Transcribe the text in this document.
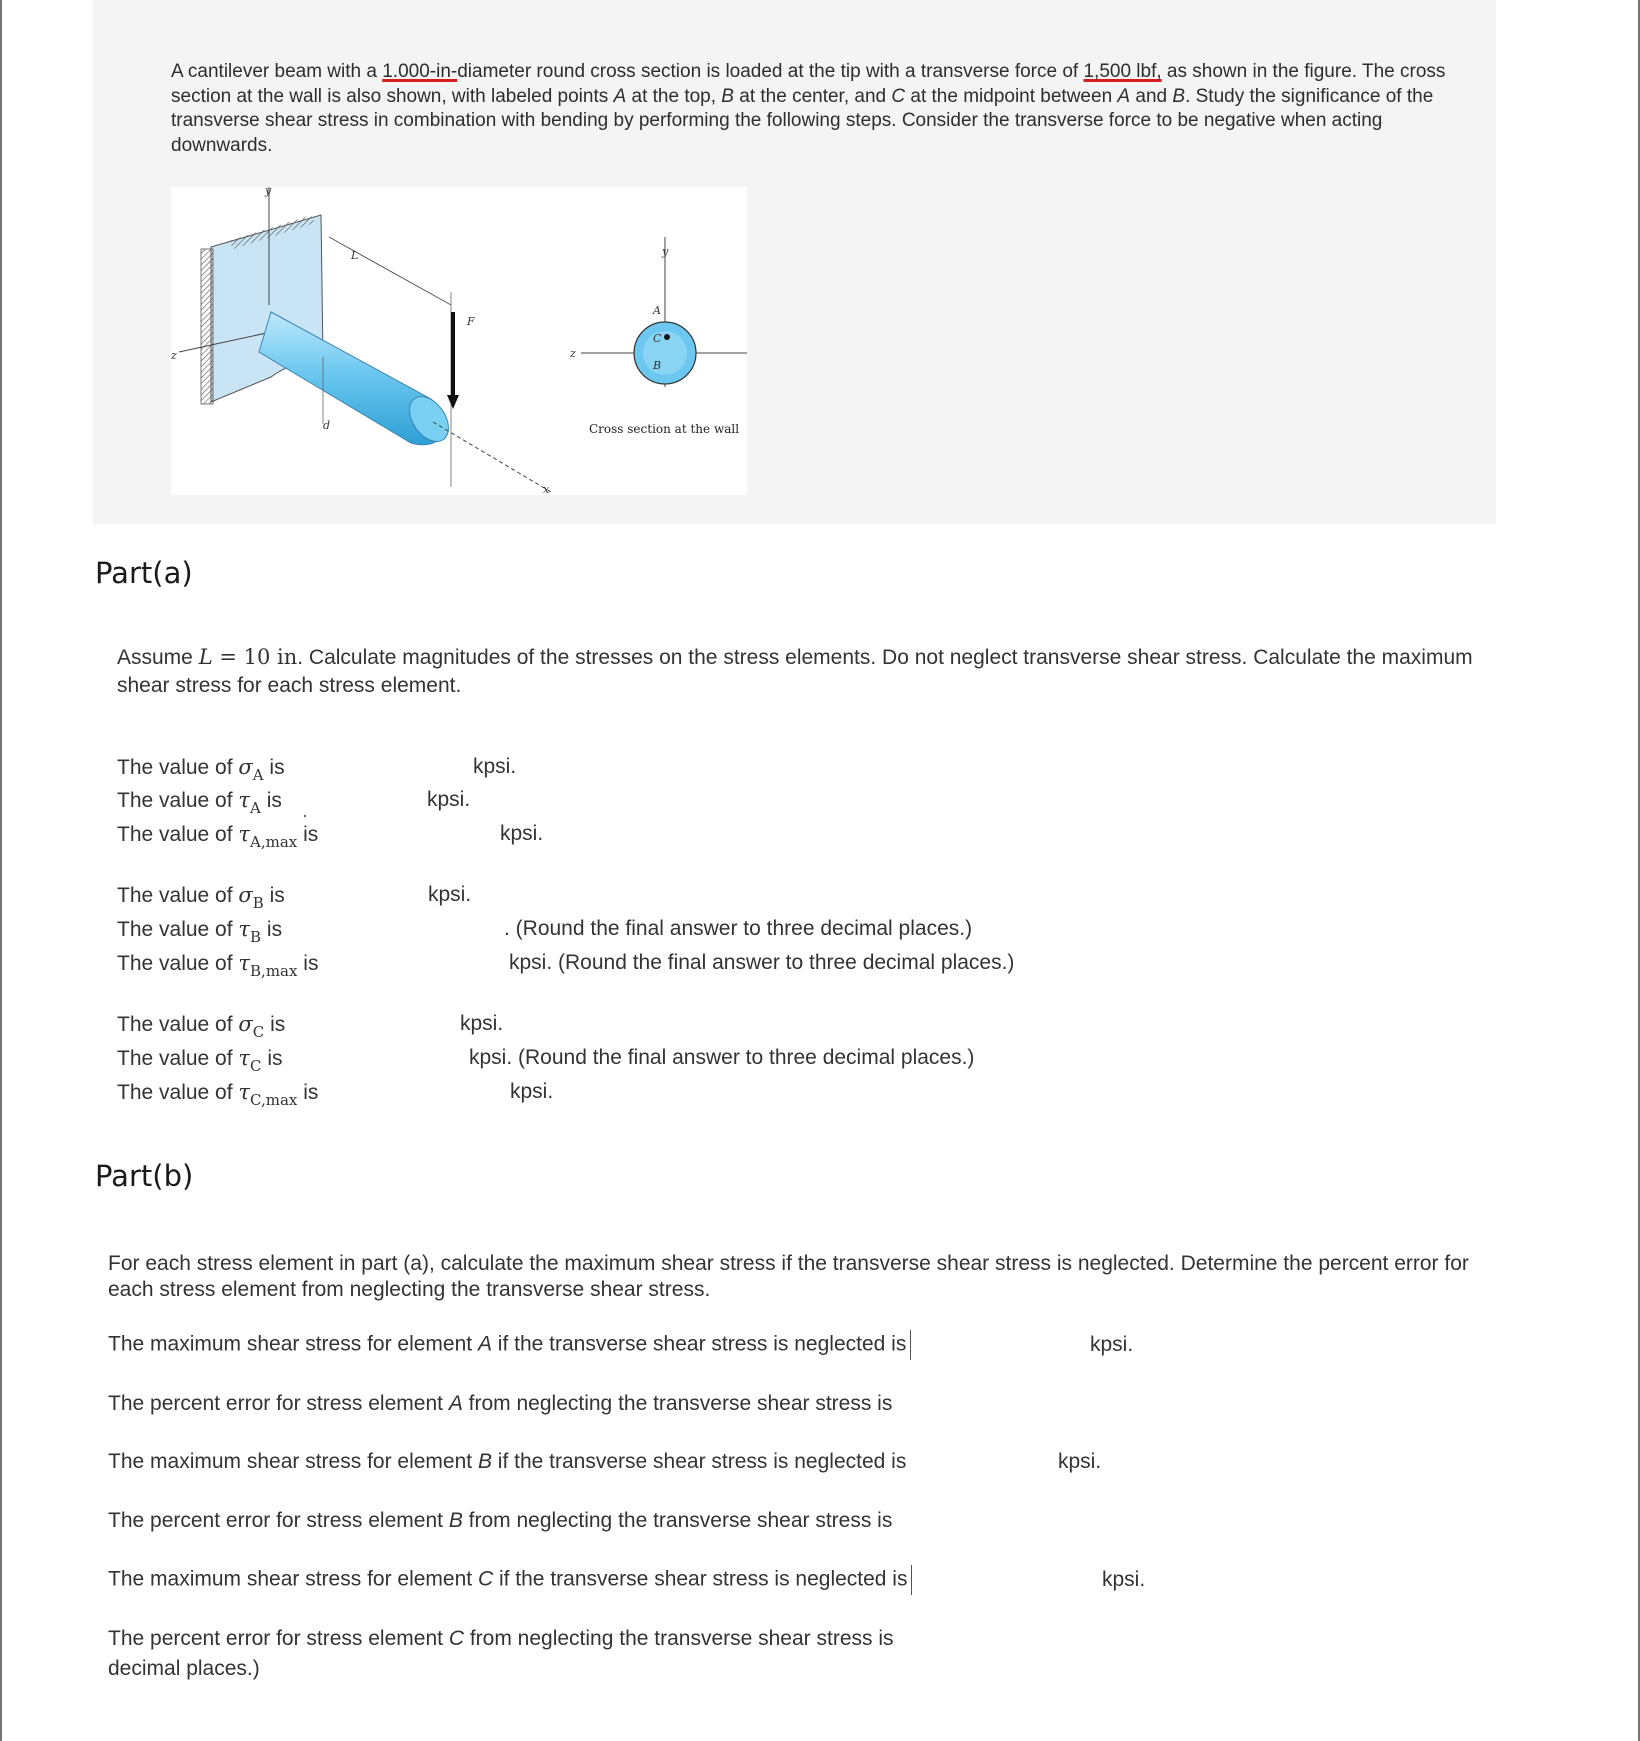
A cantilever beam with a 1.000-in-diameter round cross section is loaded at the tip with a transverse force of 1,500 lbf, as shown in the figure. The cross section at the wall is also shown, with labeled points A at the top, B at the center, and C at the midpoint between A and B. Study the significance of the transverse shear stress in combination with bending by performing the following steps. Consider the transverse force to be negative when acting downwards.
y
z
x
L
F
d
y
z
A
C
B
Cross section at the wall
Part(a)
Assume L = 10 in. Calculate magnitudes of the stresses on the stress elements. Do not neglect transverse shear stress. Calculate the maximum shear stress for each stress element.
The value of $\sigma_A$ is	kpsi.
The value of $\tau_A$ is	kpsi.
The value of $\tau_{A,max}$ is	kpsi.
The value of $\sigma_B$ is	kpsi.
The value of $\tau_B$ is	. (Round the final answer to three decimal places.)
The value of $\tau_{B,max}$ is	kpsi. (Round the final answer to three decimal places.)
The value of $\sigma_C$ is	kpsi.
The value of $\tau_C$ is	kpsi. (Round the final answer to three decimal places.)
The value of $\tau_{C,max}$ is	kpsi.
Part(b)
For each stress element in part (a), calculate the maximum shear stress if the transverse shear stress is neglected. Determine the percent error for each stress element from neglecting the transverse shear stress.
The maximum shear stress for element A if the transverse shear stress is neglected is	kpsi.
The percent error for stress element A from neglecting the transverse shear stress is
The maximum shear stress for element B if the transverse shear stress is neglected is	kpsi.
The percent error for stress element B from neglecting the transverse shear stress is
The maximum shear stress for element C if the transverse shear stress is neglected is	kpsi.
The percent error for stress element C from neglecting the transverse shear stress is
decimal places.)
